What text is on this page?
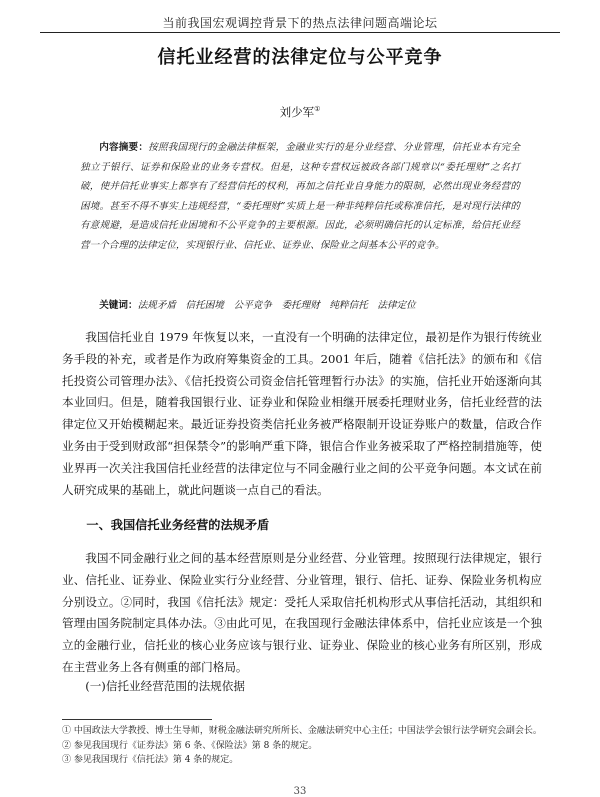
当前我国宏观调控背景下的热点法律问题高端论坛
信托业经营的法律定位与公平竞争
刘少军①
内容摘要：按照我国现行的金融法律框架，金融业实行的是分业经营、分业管理，信托业本有完全独立于银行、证券和保险业的业务专营权。但是，这种专营权远被政各部门规章以“委托理财”之名打破，使并信托业事实上都享有了经营信托的权利，再加之信托业自身能力的限制，必然出现业务经营的困境。甚至不得不事实上违规经营，“委托理财”实质上是一种非纯粹信托或称准信托，是对现行法律的有意规避，是造成信托业困境和不公平竞争的主要根源。因此，必须明确信托的认定标准，给信托业经营一个合理的法律定位，实现银行业、信托业、证券业、保险业之间基本公平的竞争。
关键词：法规矛盾　信托困境　公平竞争　委托理财　纯粹信托　法律定位
我国信托业自 1979 年恢复以来，一直没有一个明确的法律定位，最初是作为银行传统业务手段的补充，或者是作为政府筹集资金的工具。2001 年后，随着《信托法》的颁布和《信托投资公司管理办法》、《信托投资公司资金信托管理暂行办法》的实施，信托业开始逐渐向其本业回归。但是，随着我国银行业、证券业和保险业相继开展委托理财业务，信托业经营的法律定位又开始模糊起来。最近证券投资类信托业务被严格限制开设证券账户的数量，信政合作业务由于受到财政部“担保禁令”的影响严重下降，银信合作业务被采取了严格控制措施等，使业界再一次关注我国信托业经营的法律定位与不同金融行业之间的公平竞争问题。本文试在前人研究成果的基础上，就此问题谈一点自己的看法。
一、我国信托业务经营的法规矛盾
我国不同金融行业之间的基本经营原则是分业经营、分业管理。按照现行法律规定，银行业、信托业、证券业、保险业实行分业经营、分业管理，银行、信托、证券、保险业务机构应分别设立。②同时，我国《信托法》规定：受托人采取信托机构形式从事信托活动，其组织和管理由国务院制定具体办法。③由此可见，在我国现行金融法律体系中，信托业应该是一个独立的金融行业，信托业的核心业务应该与银行业、证券业、保险业的核心业务有所区别，形成在主营业务上各有侧重的部门格局。
(一)信托业经营范围的法规依据
① 中国政法大学教授、博士生导师，财税金融法研究所所长、金融法研究中心主任；中国法学会银行法学研究会副会长。
② 参见我国现行《证券法》第 6 条、《保险法》第 8 条的规定。
③ 参见我国现行《信托法》第 4 条的规定。
33
